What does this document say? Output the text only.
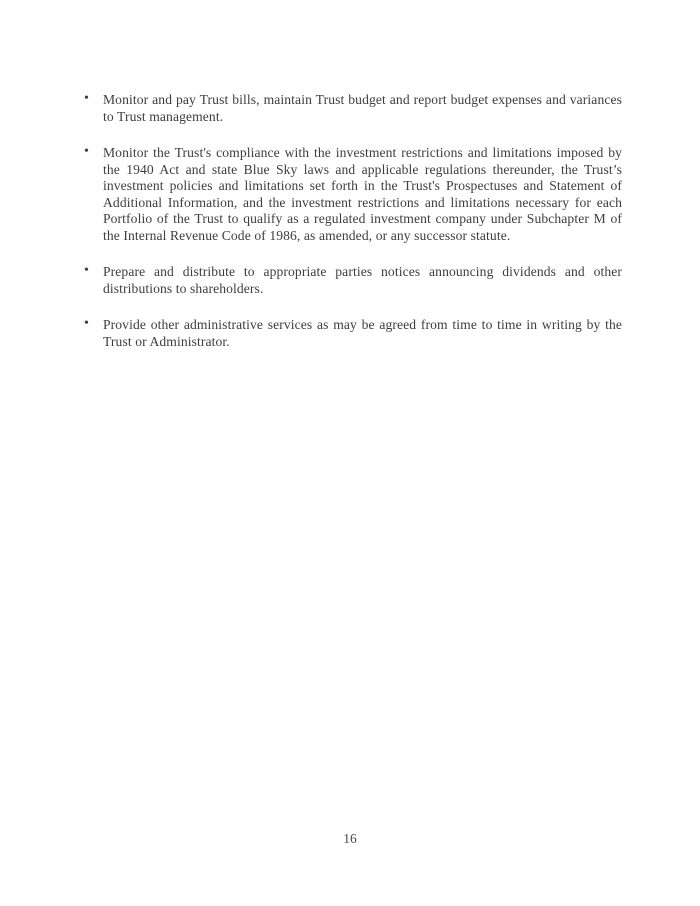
• Monitor and pay Trust bills, maintain Trust budget and report budget expenses and variances to Trust management.
• Monitor the Trust's compliance with the investment restrictions and limitations imposed by the 1940 Act and state Blue Sky laws and applicable regulations thereunder, the Trust’s investment policies and limitations set forth in the Trust's Prospectuses and Statement of Additional Information, and the investment restrictions and limitations necessary for each Portfolio of the Trust to qualify as a regulated investment company under Subchapter M of the Internal Revenue Code of 1986, as amended, or any successor statute.
• Prepare and distribute to appropriate parties notices announcing dividends and other distributions to shareholders.
• Provide other administrative services as may be agreed from time to time in writing by the Trust or Administrator.
16
